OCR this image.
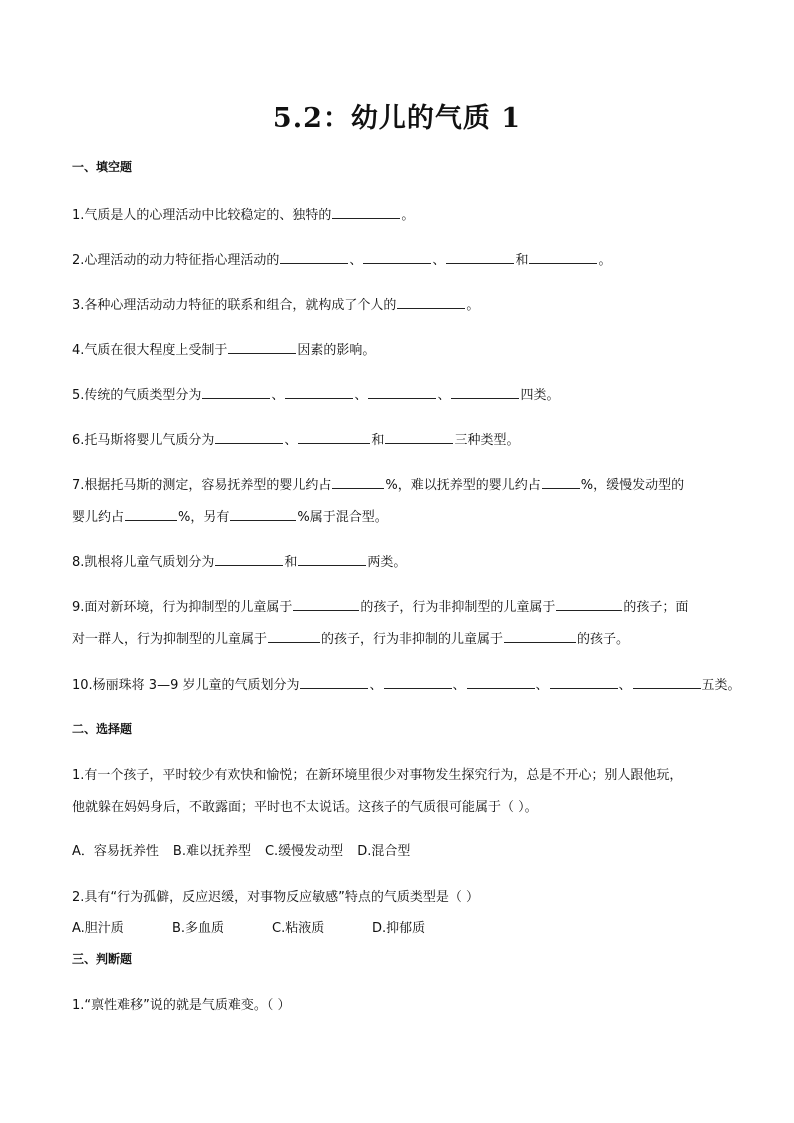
5.2：幼儿的气质 1
一、填空题
1.气质是人的心理活动中比较稳定的、独特的	。
2.心理活动的动力特征指心理活动的	、	、	和	。
3.各种心理活动动力特征的联系和组合，就构成了个人的	。
4.气质在很大程度上受制于	因素的影响。
5.传统的气质类型分为	、	、	、	四类。
6.托马斯将婴儿气质分为	、	和	三种类型。
7.根据托马斯的测定，容易抚养型的婴儿约占	%，难以抚养型的婴儿约占	%，缓慢发动型的
婴儿约占	%，另有	%属于混合型。
8.凯根将儿童气质划分为	和	两类。
9.面对新环境，行为抑制型的儿童属于	的孩子，行为非抑制型的儿童属于	的孩子；面
对一群人，行为抑制型的儿童属于	的孩子，行为非抑制的儿童属于	的孩子。
10.杨丽珠将 3—9 岁儿童的气质划分为	、	、	、	、	五类。
二、选择题
1.有一个孩子，平时较少有欢快和愉悦；在新环境里很少对事物发生探究行为，总是不开心；别人跟他玩，
他就躲在妈妈身后，不敢露面；平时也不太说话。这孩子的气质很可能属于（ ）。
A．容易抚养性 B.难以抚养型 C.缓慢发动型 D.混合型
2.具有“行为孤僻，反应迟缓，对事物反应敏感”特点的气质类型是（ ）
A.胆汁质	B.多血质	C.粘液质	D.抑郁质
三、判断题
1.“禀性难移”说的就是气质难变。（ ）
